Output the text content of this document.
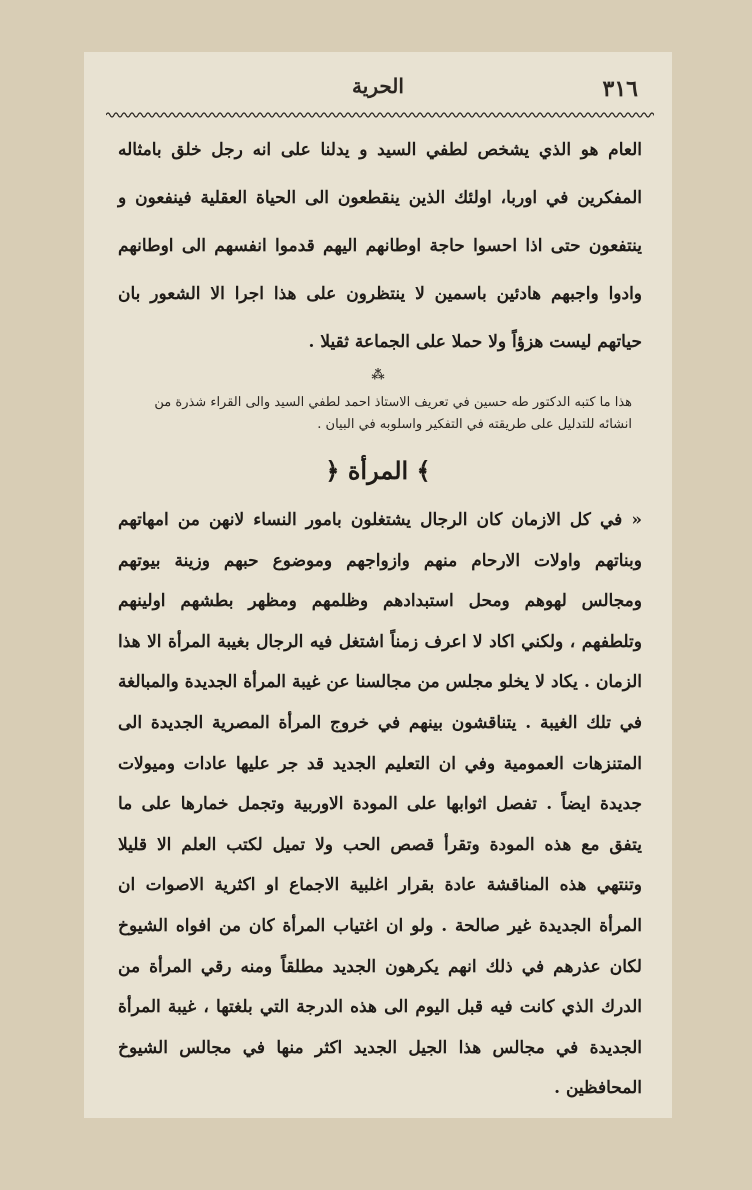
الحرية	٣١٦

العام هو الذي يشخص لطفي السيد و يدلنا على انه رجل خلق بامثاله المفكرين في اوربا، اولئك الذين ينقطعون الى الحياة العقلية فينفعون و ينتفعون حتى اذا احسوا حاجة اوطانهم اليهم قدموا انفسهم الى اوطانهم وادوا واجبهم هادئين باسمين لا ينتظرون على هذا اجرا الا الشعور بان حياتهم ليست هزؤاً ولا حملا على الجماعة ثقيلا .

⁂
هذا ما كتبه الدكتور طه حسين في تعريف الاستاذ احمد لطفي السيد والى القراء شذرة من انشائه للتدليل على طريقته في التفكير واسلوبه في البيان .
﴿ المرأة ﴾

« في كل الازمان كان الرجال يشتغلون بامور النساء لانهن من امهاتهم وبناتهم واولات الارحام منهم وازواجهم وموضوع حبهم وزينة بيوتهم ومجالس لهوهم ومحل استبدادهم وظلمهم ومظهر بطشهم اولينهم وتلطفهم ، ولكني اكاد لا اعرف زمناً اشتغل فيه الرجال بغيبة المرأة الا هذا الزمان . يكاد لا يخلو مجلس من مجالسنا عن غيبة المرأة الجديدة والمبالغة في تلك الغيبة . يتناقشون بينهم في خروج المرأة المصرية الجديدة الى المتنزهات العمومية وفي ان التعليم الجديد قد جر عليها عادات وميولات جديدة ايضاً . تفصل اثوابها على المودة الاوربية وتجمل خمارها على ما يتفق مع هذه المودة وتقرأ قصص الحب ولا تميل لكتب العلم الا قليلا وتنتهي هذه المناقشة عادة بقرار اغلبية الاجماع او اكثرية الاصوات ان المرأة الجديدة غير صالحة . ولو ان اغتياب المرأة كان من افواه الشيوخ لكان عذرهم في ذلك انهم يكرهون الجديد مطلقاً ومنه رقي المرأة من الدرك الذي كانت فيه قبل اليوم الى هذه الدرجة التي بلغتها ، غيبة المرأة الجديدة في مجالس هذا الجيل الجديد اكثر منها في مجالس الشيوخ المحافظين .
